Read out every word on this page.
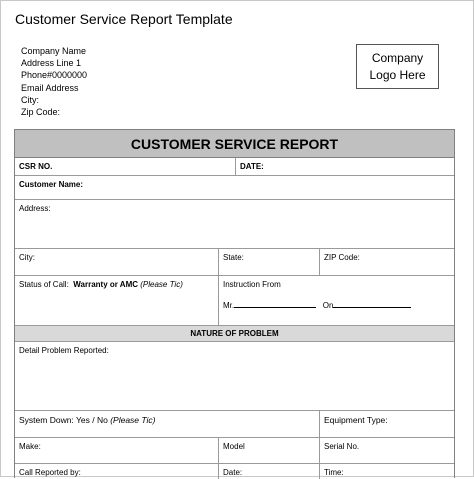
Customer Service Report Template
Company Name
Address Line 1
Phone#0000000
Email Address
City:
Zip Code:
Company
Logo Here
CUSTOMER SERVICE REPORT
CSR NO.	DATE:
Customer Name:
Address:
City:	State:	ZIP Code:
Status of Call: Warranty or AMC (Please Tic)	Instruction From
Mr.	On
NATURE OF PROBLEM
Detail Problem Reported:
System Down: Yes / No (Please Tic)	Equipment Type:
Make:	Model	Serial No.
Call Reported by:	Date:	Time:
